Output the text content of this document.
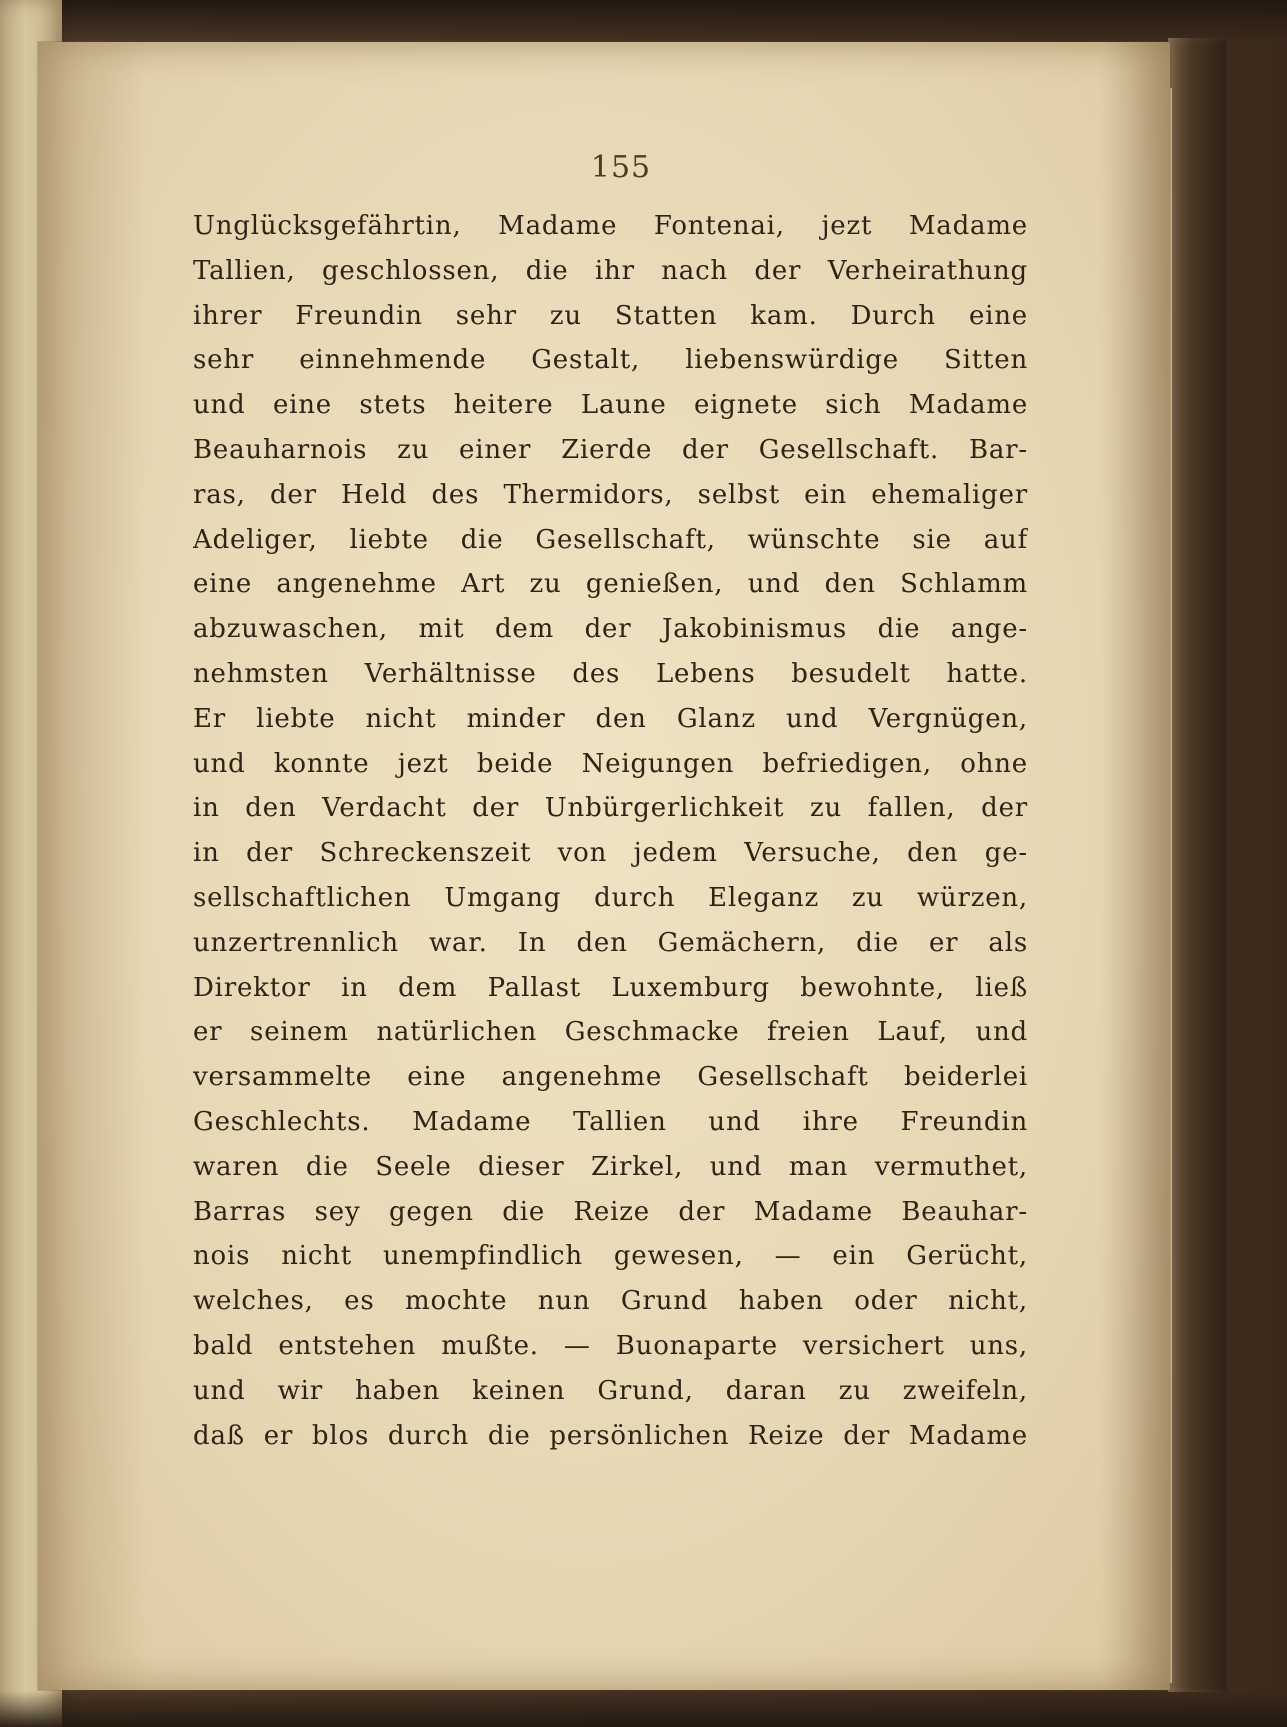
155
Unglücksgefährtin, Madame Fontenai, jezt Madame
Tallien, geschlossen, die ihr nach der Verheirathung
ihrer Freundin sehr zu Statten kam. Durch eine
sehr einnehmende Gestalt, liebenswürdige Sitten
und eine stets heitere Laune eignete sich Madame
Beauharnois zu einer Zierde der Gesellschaft. Bar-
ras, der Held des Thermidors, selbst ein ehemaliger
Adeliger, liebte die Gesellschaft, wünschte sie auf
eine angenehme Art zu genießen, und den Schlamm
abzuwaschen, mit dem der Jakobinismus die ange-
nehmsten Verhältnisse des Lebens besudelt hatte.
Er liebte nicht minder den Glanz und Vergnügen,
und konnte jezt beide Neigungen befriedigen, ohne
in den Verdacht der Unbürgerlichkeit zu fallen, der
in der Schreckenszeit von jedem Versuche, den ge-
sellschaftlichen Umgang durch Eleganz zu würzen,
unzertrennlich war. In den Gemächern, die er als
Direktor in dem Pallast Luxemburg bewohnte, ließ
er seinem natürlichen Geschmacke freien Lauf, und
versammelte eine angenehme Gesellschaft beiderlei
Geschlechts. Madame Tallien und ihre Freundin
waren die Seele dieser Zirkel, und man vermuthet,
Barras sey gegen die Reize der Madame Beauhar-
nois nicht unempfindlich gewesen, — ein Gerücht,
welches, es mochte nun Grund haben oder nicht,
bald entstehen mußte. — Buonaparte versichert uns,
und wir haben keinen Grund, daran zu zweifeln,
daß er blos durch die persönlichen Reize der Madame
